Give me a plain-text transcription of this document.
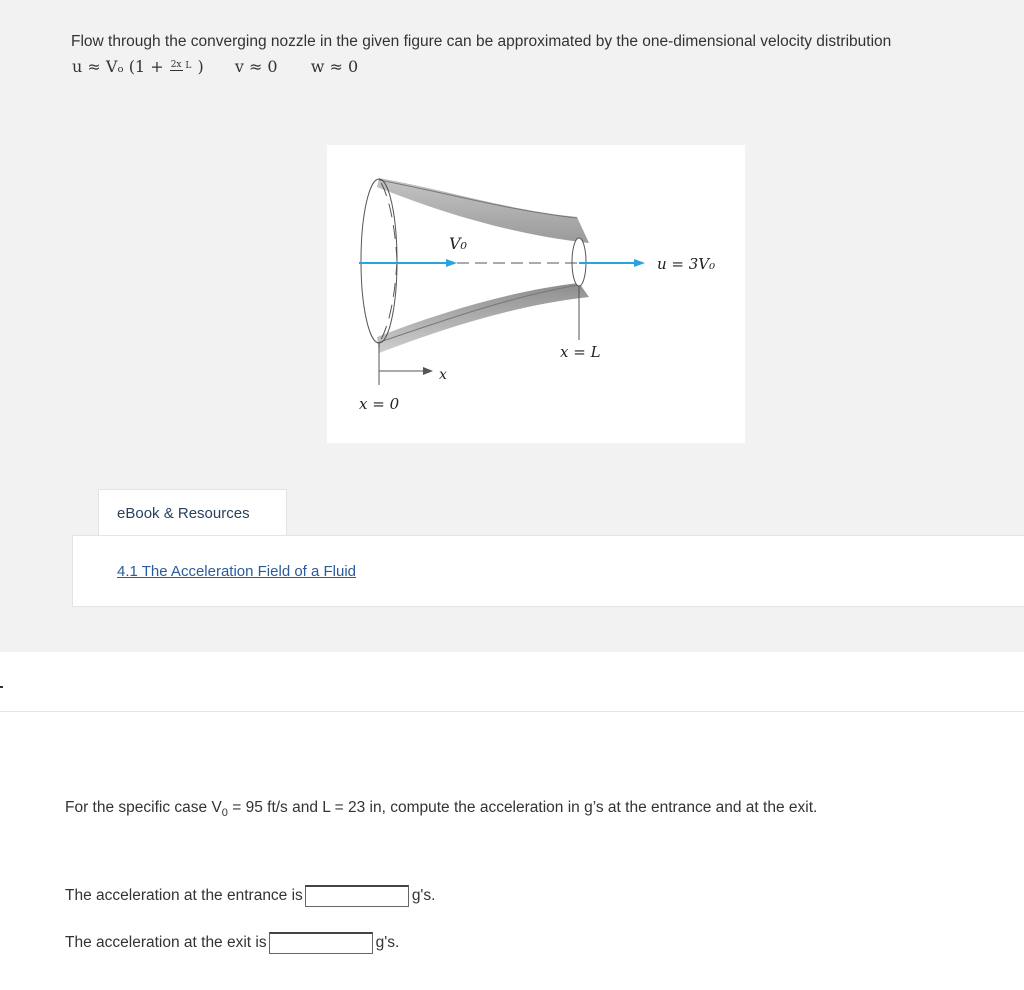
Flow through the converging nozzle in the given figure can be approximated by the one-dimensional velocity distribution
u ≈ Vₒ (1 + 2x L ) v ≈ 0 w ≈ 0
V₀
u = 3V₀
x
x = 0
x = L
eBook & Resources
4.1 The Acceleration Field of a Fluid
For the specific case $V_0 = 95$ ft/s and L = 23 in, compute the acceleration in g’s at the entrance and at the exit.
The acceleration at the entrance is	g's.
The acceleration at the exit is	g's.
